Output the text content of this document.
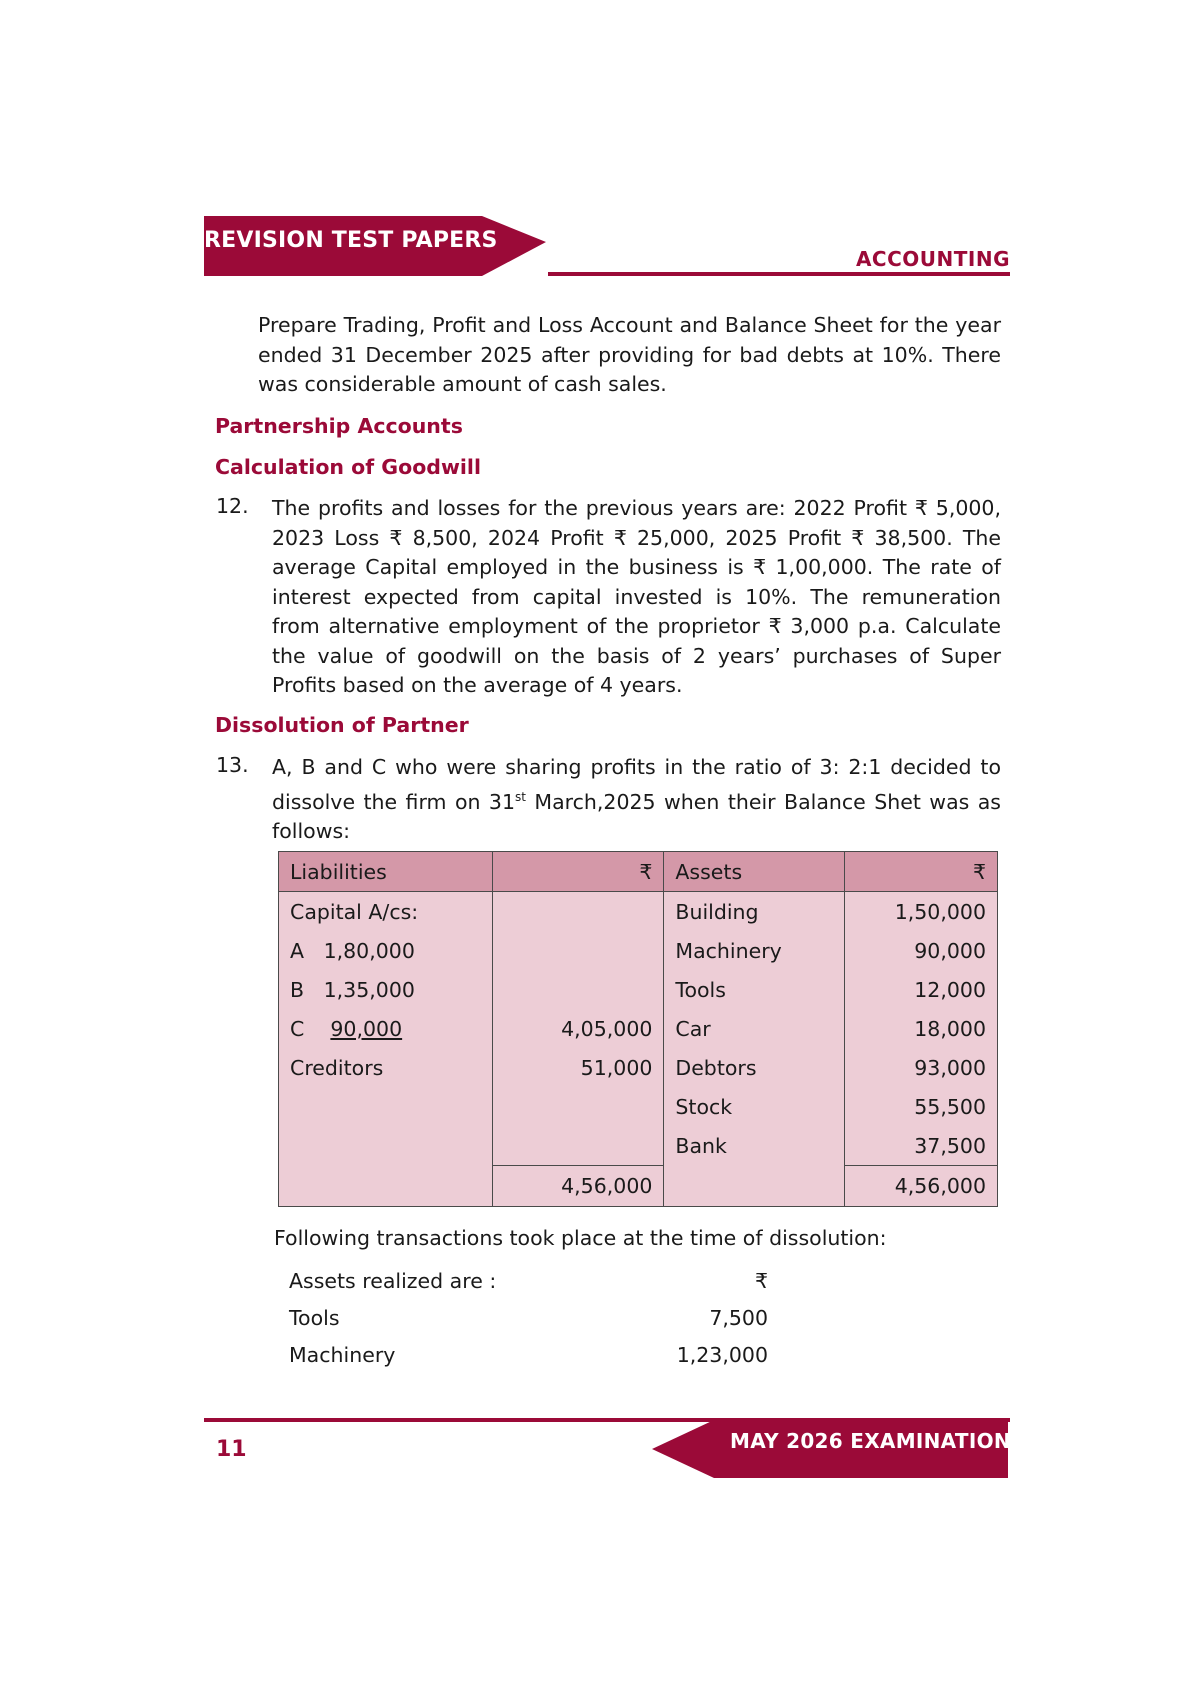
REVISION TEST PAPERS
ACCOUNTING
Prepare Trading, Profit and Loss Account and Balance Sheet for the year ended 31 December 2025 after providing for bad debts at 10%. There was considerable amount of cash sales.
Partnership Accounts
Calculation of Goodwill
12. The profits and losses for the previous years are: 2022 Profit ₹ 5,000, 2023 Loss ₹ 8,500, 2024 Profit ₹ 25,000, 2025 Profit ₹ 38,500. The average Capital employed in the business is ₹ 1,00,000. The rate of interest expected from capital invested is 10%. The remuneration from alternative employment of the proprietor ₹ 3,000 p.a. Calculate the value of goodwill on the basis of 2 years’ purchases of Super Profits based on the average of 4 years.
Dissolution of Partner
13. A, B and C who were sharing profits in the ratio of 3: 2:1 decided to dissolve the firm on 31st March,2025 when their Balance Shet was as follows:
Liabilities	₹	Assets	₹
Capital A/cs:		Building	1,50,000
A   1,80,000		Machinery	90,000
B   1,35,000		Tools	12,000
C    90,000	4,05,000	Car	18,000
Creditors	51,000	Debtors	93,000
		Stock	55,500
		Bank	37,500
	4,56,000		4,56,000
Following transactions took place at the time of dissolution:
Assets realized are :	₹
Tools	7,500
Machinery	1,23,000
MAY 2026 EXAMINATION
11
